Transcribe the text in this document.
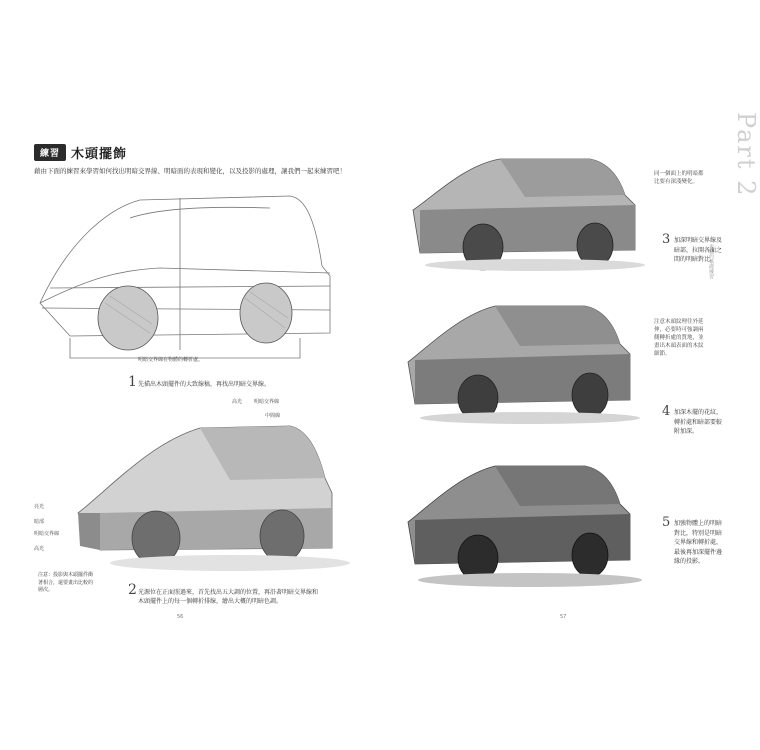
練習 木頭擺飾
藉由下面的練習來學習如何找出明暗交界線、明暗面的表現和變化，以及投影的處理，讓我們一起來練習吧！
明暗交界線在物體的轉折處。
1 先描出木頭擺件的大致線稿，再找出明暗交界線。
高光 明暗交界線
中間線
亮光
暗部
明暗交界線
高光
注意：投影與木頭擺件衝著相合，還要畫出比較的層次。	2 光源位在正面照過來，首先找出五大調的位置，再沿著明暗交界線和木頭擺件上的每一個轉折排線，繪出大概的明暗色調。
56
Part 2
素描的基礎練習
同一個面上的明暗都比要有深淺變化。
3 加深明暗交界線及暗部，拉開各面之間的明暗對比。
注意木頭紋理往外延伸，必要時可強調兩側轉折處的質地，並畫出木頭表面的木紋細節。
4 加深木擺的花紋，轉折處和暗部要較附加深。
5 加強物體上的明暗對比，特別是明暗交界線和轉折處，最後再加深擺件邊緣的投影。
57
